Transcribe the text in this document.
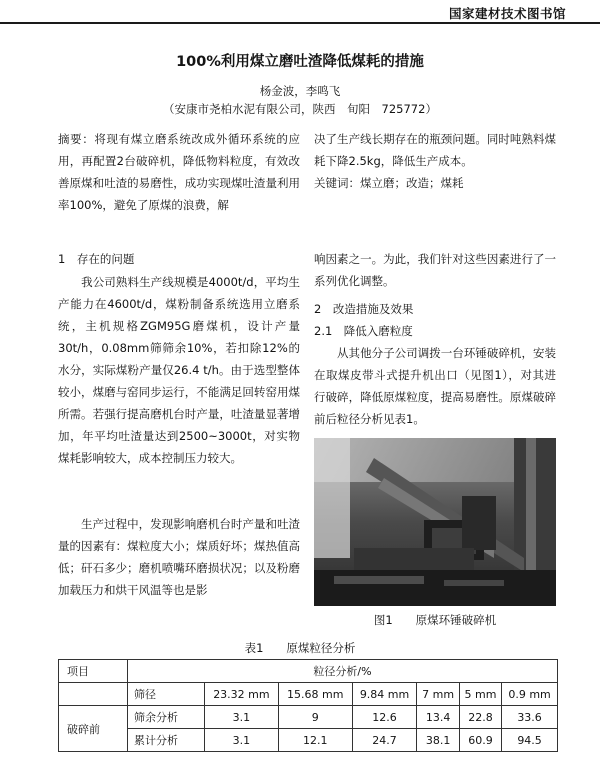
国家建材技术图书馆
100%利用煤立磨吐渣降低煤耗的措施
杨金波，李鸣飞
（安康市尧柏水泥有限公司，陕西　旬阳　725772）
摘要：将现有煤立磨系统改成外循环系统的应用，再配置2台破碎机，降低物料粒度，有效改善原煤和吐渣的易磨性，成功实现煤吐渣量利用率100%，避免了原煤的浪费，解
决了生产线长期存在的瓶颈问题。同时吨熟料煤耗下降2.5kg，降低生产成本。
关键词：煤立磨；改造；煤耗
1　存在的问题
我公司熟料生产线规模是4000t/d，平均生产能力在4600t/d，煤粉制备系统选用立磨系统，主机规格ZGM95G磨煤机，设计产量30t/h，0.08mm筛筛余10%，若扣除12%的水分，实际煤粉产量仅26.4 t/h。由于选型整体较小，煤磨与窑同步运行，不能满足回转窑用煤所需。若强行提高磨机台时产量，吐渣量显著增加，年平均吐渣量达到2500~3000t，对实物煤耗影响较大，成本控制压力较大。
生产过程中，发现影响磨机台时产量和吐渣量的因素有：煤粒度大小；煤质好坏；煤热值高低；矸石多少；磨机喷嘴环磨损状况；以及粉磨加载压力和烘干风温等也是影
响因素之一。为此，我们针对这些因素进行了一系列优化调整。
2　改造措施及效果
2.1　降低入磨粒度
从其他分子公司调拨一台环锤破碎机，安装在取煤皮带斗式提升机出口（见图1），对其进行破碎，降低原煤粒度，提高易磨性。原煤破碎前后粒径分析见表1。
图1　　原煤环锤破碎机
表1　　原煤粒径分析
项目	粒径分析/%						
	筛径	23.32 mm	15.68 mm	9.84 mm	7 mm	5 mm	0.9 mm
破碎前	筛余分析	3.1	9	12.6	13.4	22.8	33.6
	累计分析	3.1	12.1	24.7	38.1	60.9	94.5
